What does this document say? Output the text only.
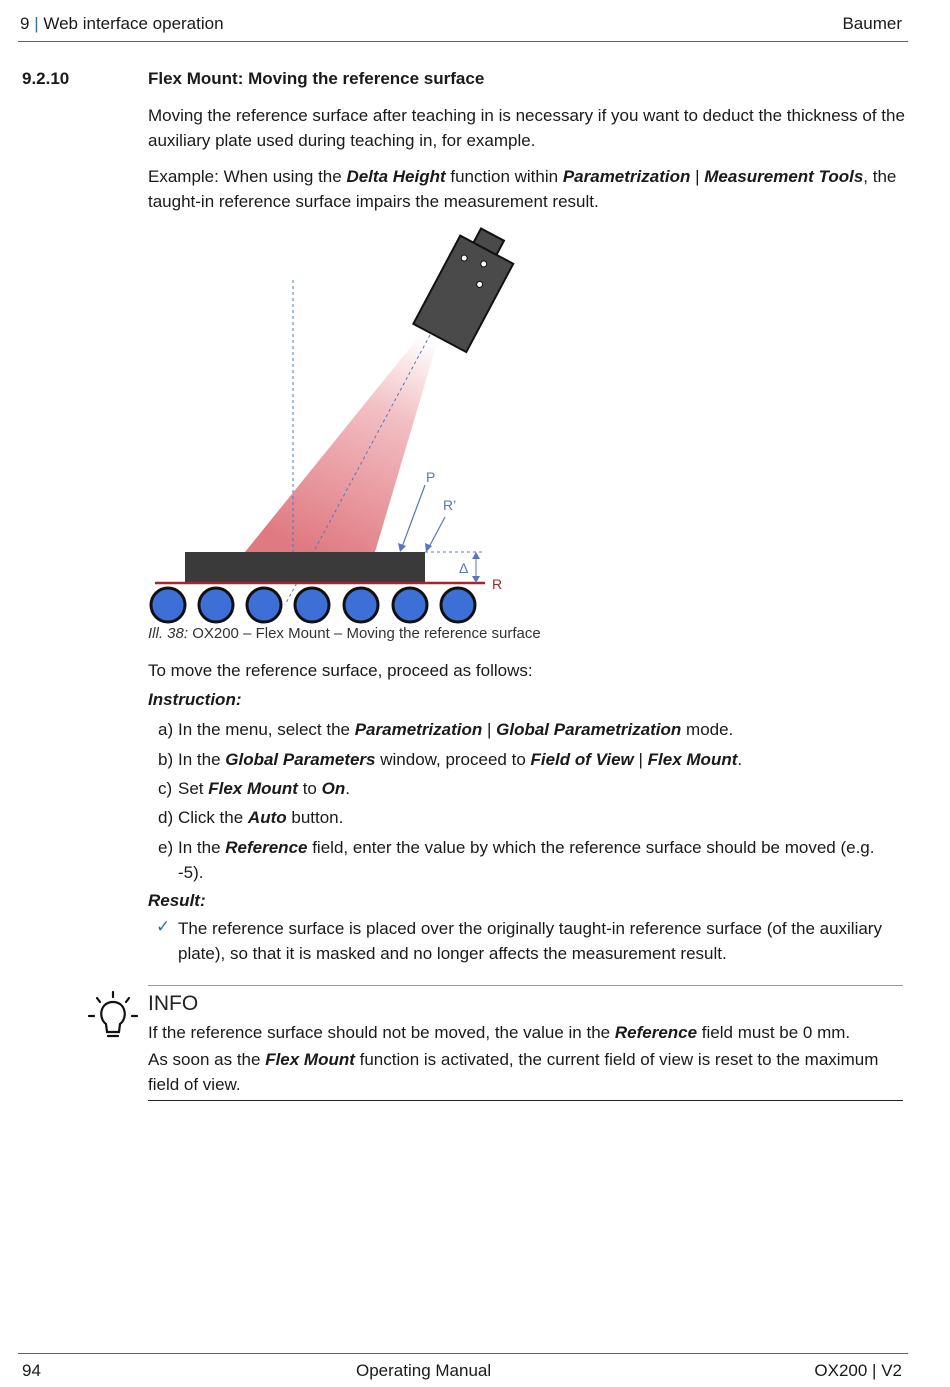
9 | Web interface operation	Baumer
9.2.10	Flex Mount: Moving the reference surface
Moving the reference surface after teaching in is necessary if you want to deduct the thickness of the auxiliary plate used during teaching in, for example.
Example: When using the Delta Height function within Parametrization | Measurement Tools, the taught-in reference surface impairs the measurement result.
P
R’
Δ
R
Ill. 38: OX200 – Flex Mount – Moving the reference surface
To move the reference surface, proceed as follows:
Instruction:
a) In the menu, select the Parametrization | Global Parametrization mode.
b) In the Global Parameters window, proceed to Field of View | Flex Mount.
c) Set Flex Mount to On.
d) Click the Auto button.
e) In the Reference field, enter the value by which the reference surface should be moved (e.g. -5).
Result:
✓ The reference surface is placed over the originally taught-in reference surface (of the auxiliary plate), so that it is masked and no longer affects the measurement result.
INFO
If the reference surface should not be moved, the value in the Reference field must be 0 mm.
As soon as the Flex Mount function is activated, the current field of view is reset to the maximum field of view.
94	Operating Manual	OX200 | V2
